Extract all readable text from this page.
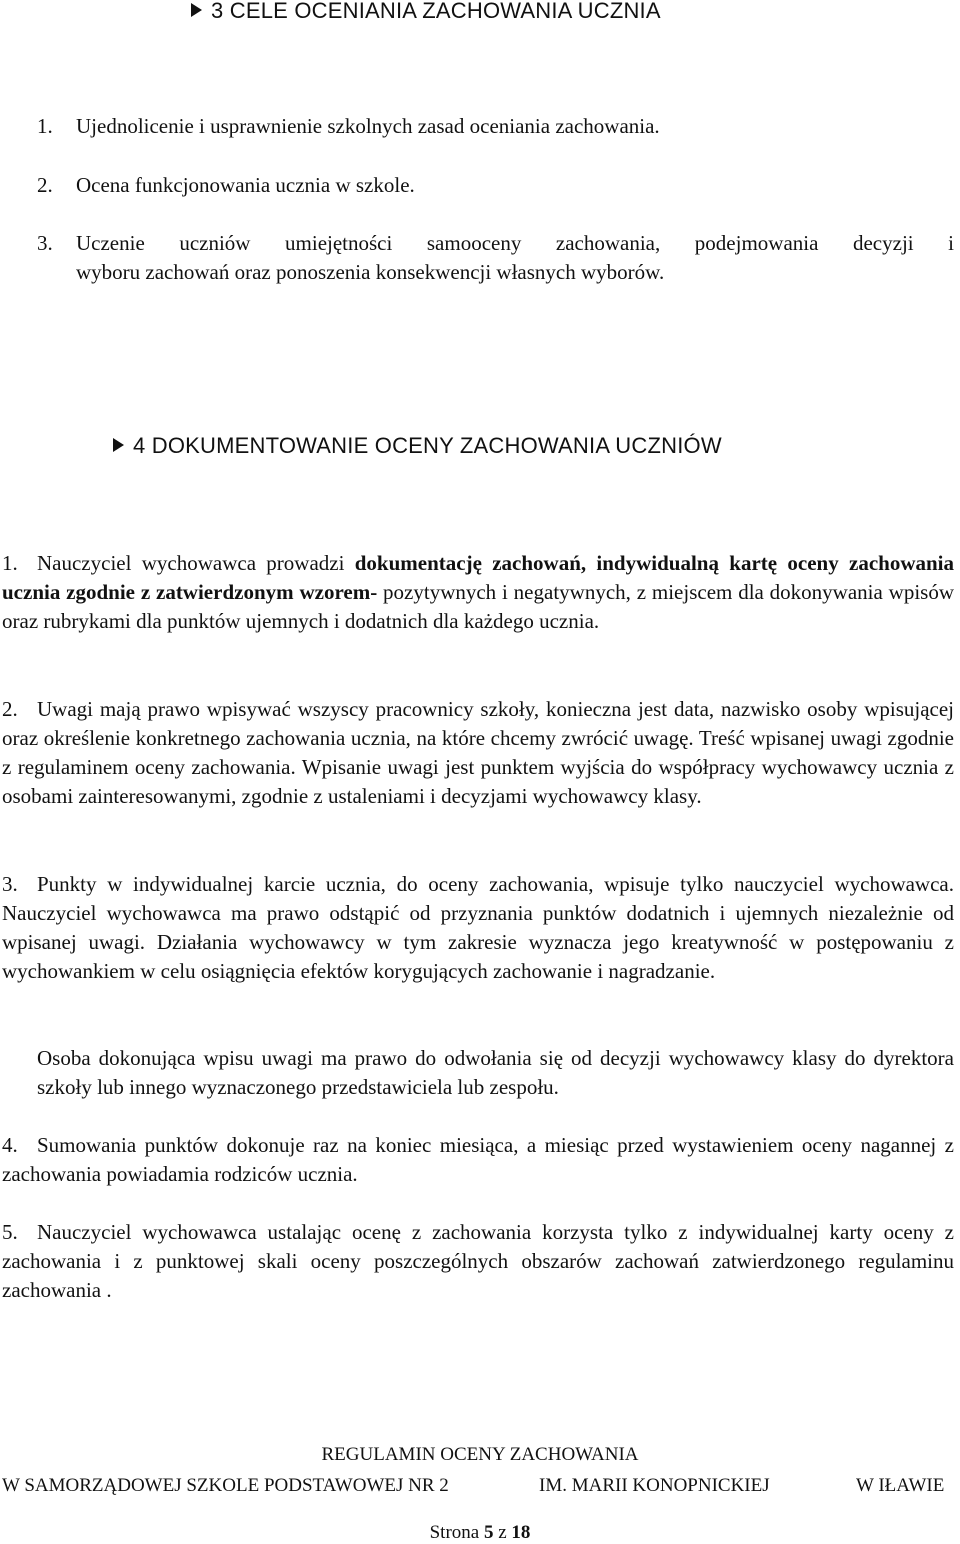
3 CELE OCENIANIA ZACHOWANIA UCZNIA
1. Ujednolicenie i usprawnienie szkolnych zasad oceniania zachowania.
2. Ocena funkcjonowania ucznia w szkole.
3. Uczenie uczniów umiejętności samooceny zachowania, podejmowania decyzji i
wyboru zachowań oraz ponoszenia konsekwencji własnych wyborów.
4 DOKUMENTOWANIE OCENY ZACHOWANIA UCZNIÓW
1. Nauczyciel wychowawca prowadzi dokumentację zachowań, indywidualną kartę oceny zachowania ucznia zgodnie z zatwierdzonym wzorem- pozytywnych i negatywnych, z miejscem dla dokonywania wpisów oraz rubrykami dla punktów ujemnych i dodatnich dla każdego ucznia.
2. Uwagi mają prawo wpisywać wszyscy pracownicy szkoły, konieczna jest data, nazwisko osoby wpisującej oraz określenie konkretnego zachowania ucznia, na które chcemy zwrócić uwagę. Treść wpisanej uwagi zgodnie z regulaminem oceny zachowania. Wpisanie uwagi jest punktem wyjścia do współpracy wychowawcy ucznia z osobami zainteresowanymi, zgodnie z ustaleniami i decyzjami wychowawcy klasy.
3. Punkty w indywidualnej karcie ucznia, do oceny zachowania, wpisuje tylko nauczyciel wychowawca. Nauczyciel wychowawca ma prawo odstąpić od przyznania punktów dodatnich i ujemnych niezależnie od wpisanej uwagi. Działania wychowawcy w tym zakresie wyznacza jego kreatywność w postępowaniu z wychowankiem w celu osiągnięcia efektów korygujących zachowanie i nagradzanie.
Osoba dokonująca wpisu uwagi ma prawo do odwołania się od decyzji wychowawcy klasy do dyrektora szkoły lub innego wyznaczonego przedstawiciela lub zespołu.
4. Sumowania punktów dokonuje raz na koniec miesiąca, a miesiąc przed wystawieniem oceny nagannej z zachowania powiadamia rodziców ucznia.
5. Nauczyciel wychowawca ustalając ocenę z zachowania korzysta tylko z indywidualnej karty oceny z zachowania i z punktowej skali oceny poszczególnych obszarów zachowań zatwierdzonego regulaminu zachowania .
REGULAMIN OCENY ZACHOWANIA
W SAMORZĄDOWEJ SZKOLE PODSTAWOWEJ NR 2	IM. MARII KONOPNICKIEJ	W IŁAWIE
Strona 5 z 18
